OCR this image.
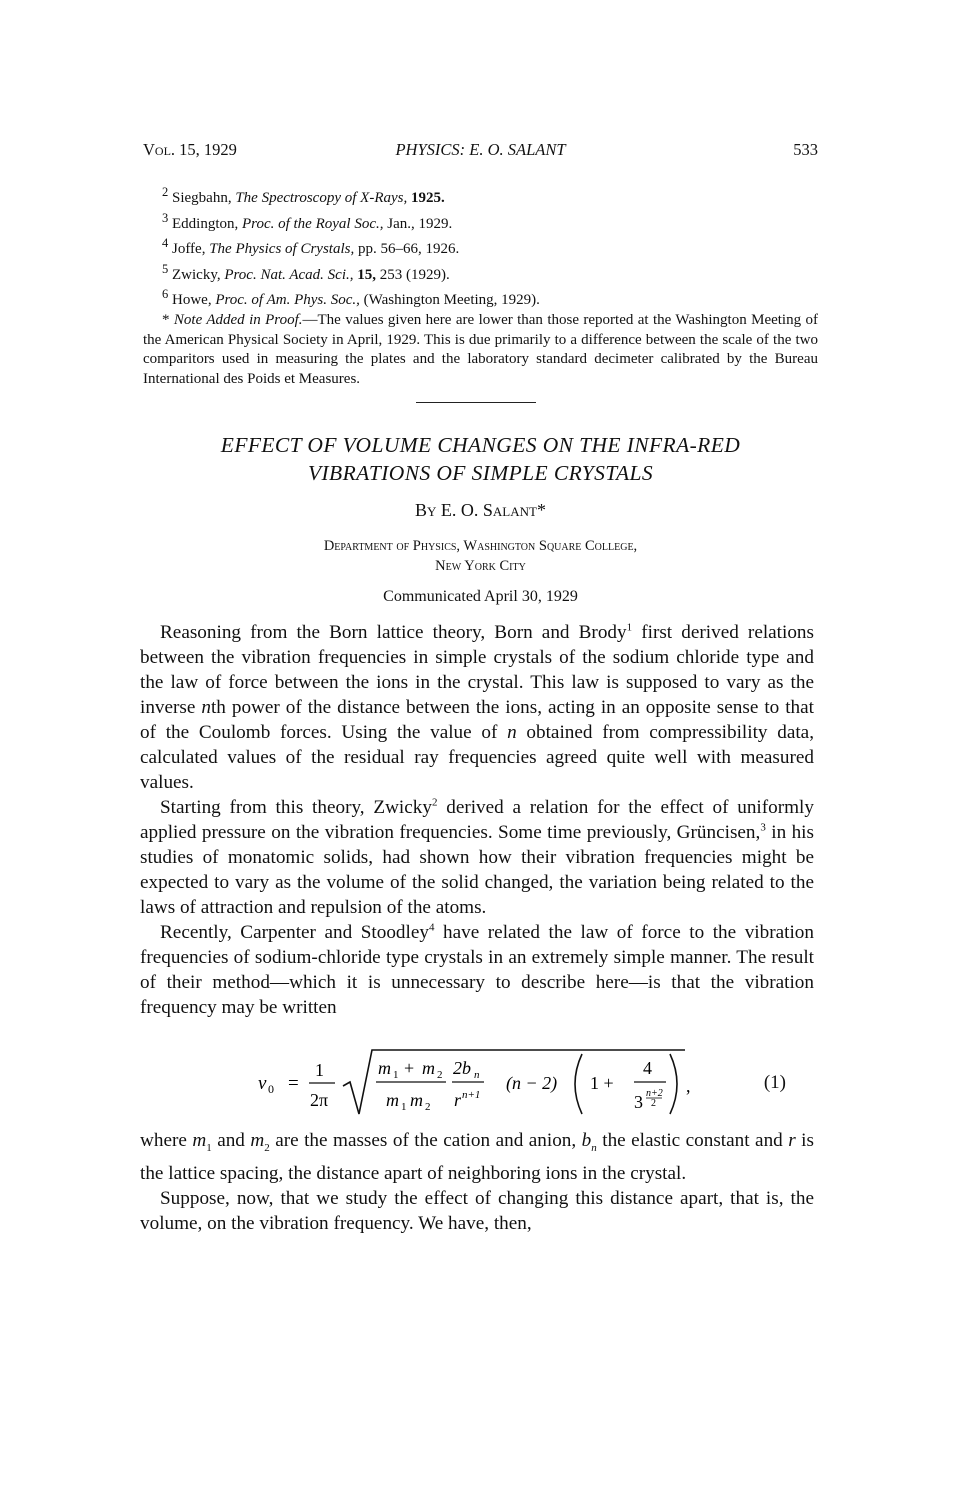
Vol. 15, 1929	PHYSICS: E. O. SALANT	533

$^2$ Siegbahn, The Spectroscopy of X-Rays, 1925.

$^3$ Eddington, Proc. of the Royal Soc., Jan., 1929.

$^4$ Joffe, The Physics of Crystals, pp. 56–66, 1926.

$^5$ Zwicky, Proc. Nat. Acad. Sci., 15, 253 (1929).

$^6$ Howe, Proc. of Am. Phys. Soc., (Washington Meeting, 1929).

* Note Added in Proof.—The values given here are lower than those reported at the Washington Meeting of the American Physical Society in April, 1929. This is due primarily to a difference between the scale of the two comparitors used in measuring the plates and the laboratory standard decimeter calibrated by the Bureau International des Poids et Measures.

EFFECT OF VOLUME CHANGES ON THE INFRA-RED
VIBRATIONS OF SIMPLE CRYSTALS
By E. O. Salant*
Department of Physics, Washington Square College,
New York City
Communicated April 30, 1929

Reasoning from the Born lattice theory, Born and Brody$^1$ first derived relations between the vibration frequencies in simple crystals of the sodium chloride type and the law of force between the ions in the crystal. This law is supposed to vary as the inverse nth power of the distance between the ions, acting in an opposite sense to that of the Coulomb forces. Using the value of n obtained from compressibility data, calculated values of the residual ray frequencies agreed quite well with measured values.

Starting from this theory, Zwicky$^2$ derived a relation for the effect of uniformly applied pressure on the vibration frequencies. Some time previously, Grüncisen,$^3$ in his studies of monatomic solids, had shown how their vibration frequencies might be expected to vary as the volume of the solid changed, the variation being related to the laws of attraction and repulsion of the atoms.

Recently, Carpenter and Stoodley$^4$ have related the law of force to the vibration frequencies of sodium-chloride type crystals in an extremely simple manner. The result of their method—which it is unnecessary to describe here—is that the vibration frequency may be written

ν 0 =
1
2π
m 1 + m 2
m 1 m 2
2b n
r n+1
(n − 2) 1 +
4
3 n+2
2
,	(1)

where $m_1$ and $m_2$ are the masses of the cation and anion, $b_n$ the elastic constant and r is the lattice spacing, the distance apart of neighboring ions in the crystal.

Suppose, now, that we study the effect of changing this distance apart, that is, the volume, on the vibration frequency. We have, then,
